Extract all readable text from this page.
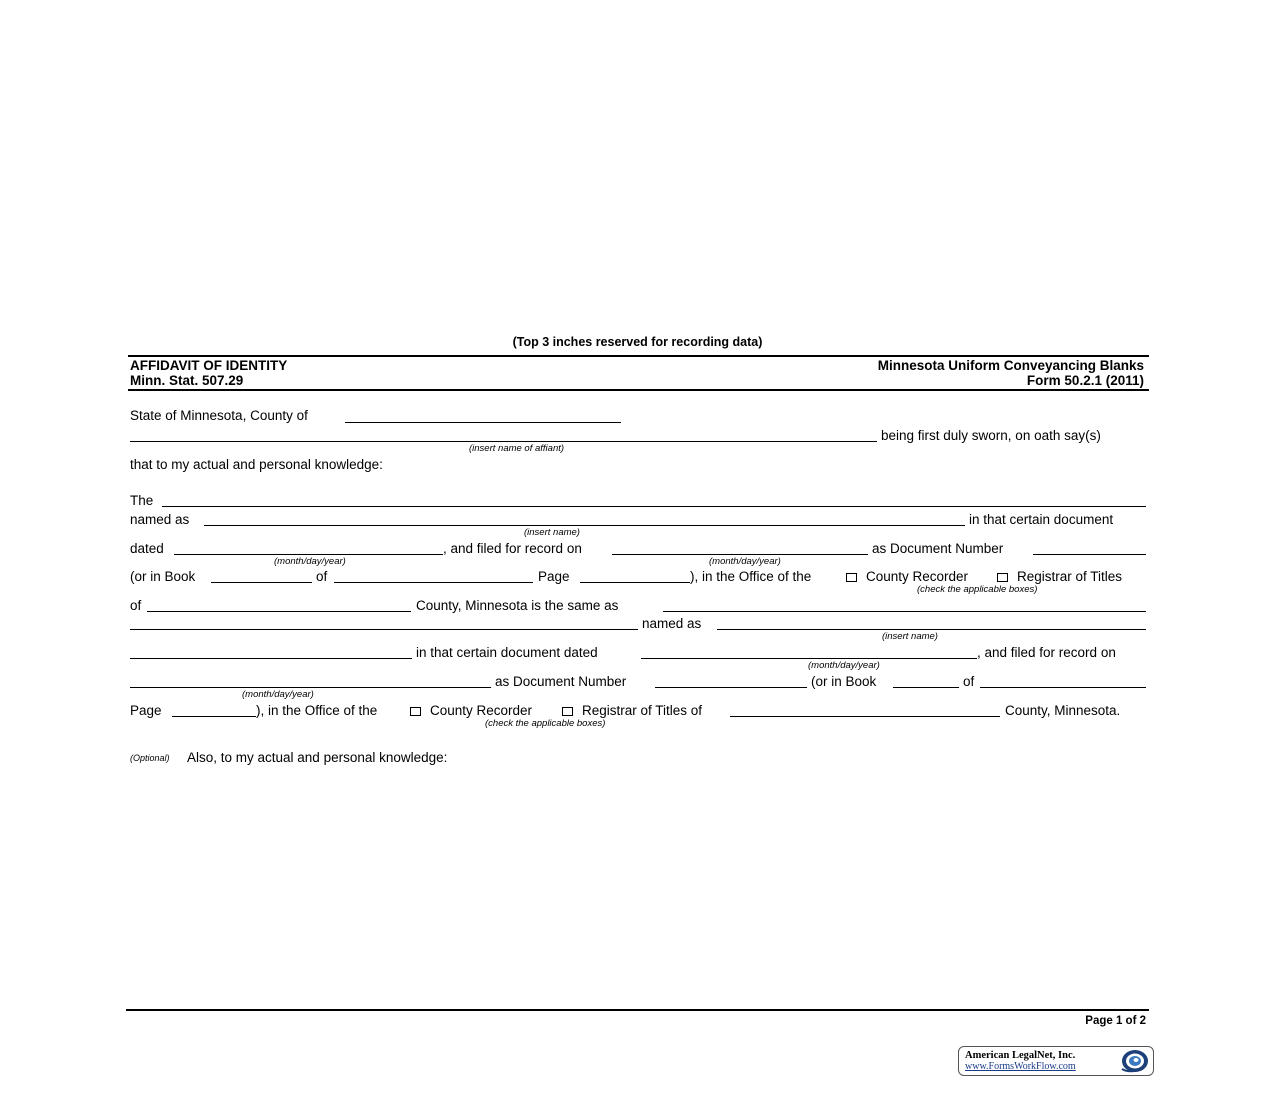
(Top 3 inches reserved for recording data)
AFFIDAVIT OF IDENTITY
Minn. Stat. 507.29
Minnesota Uniform Conveyancing Blanks
Form 50.2.1 (2011)
State of Minnesota, County of
being first duly sworn, on oath say(s)
(insert name of affiant)
that to my actual and personal knowledge:
The
named as	in that certain document
(insert name)
dated	, and filed for record on	as Document Number
(month/day/year)	(month/day/year)
(or in Book	of	Page	), in the Office of the	County Recorder	Registrar of Titles
(check the applicable boxes)
of	County, Minnesota is the same as
named as
(insert name)
in that certain document dated	, and filed for record on
(month/day/year)
as Document Number	(or in Book	of
(month/day/year)
Page	), in the Office of the	County Recorder	Registrar of Titles of	County, Minnesota.
(check the applicable boxes)
(Optional) Also, to my actual and personal knowledge:
Page 1 of 2
American LegalNet, Inc.
www.FormsWorkFlow.com
